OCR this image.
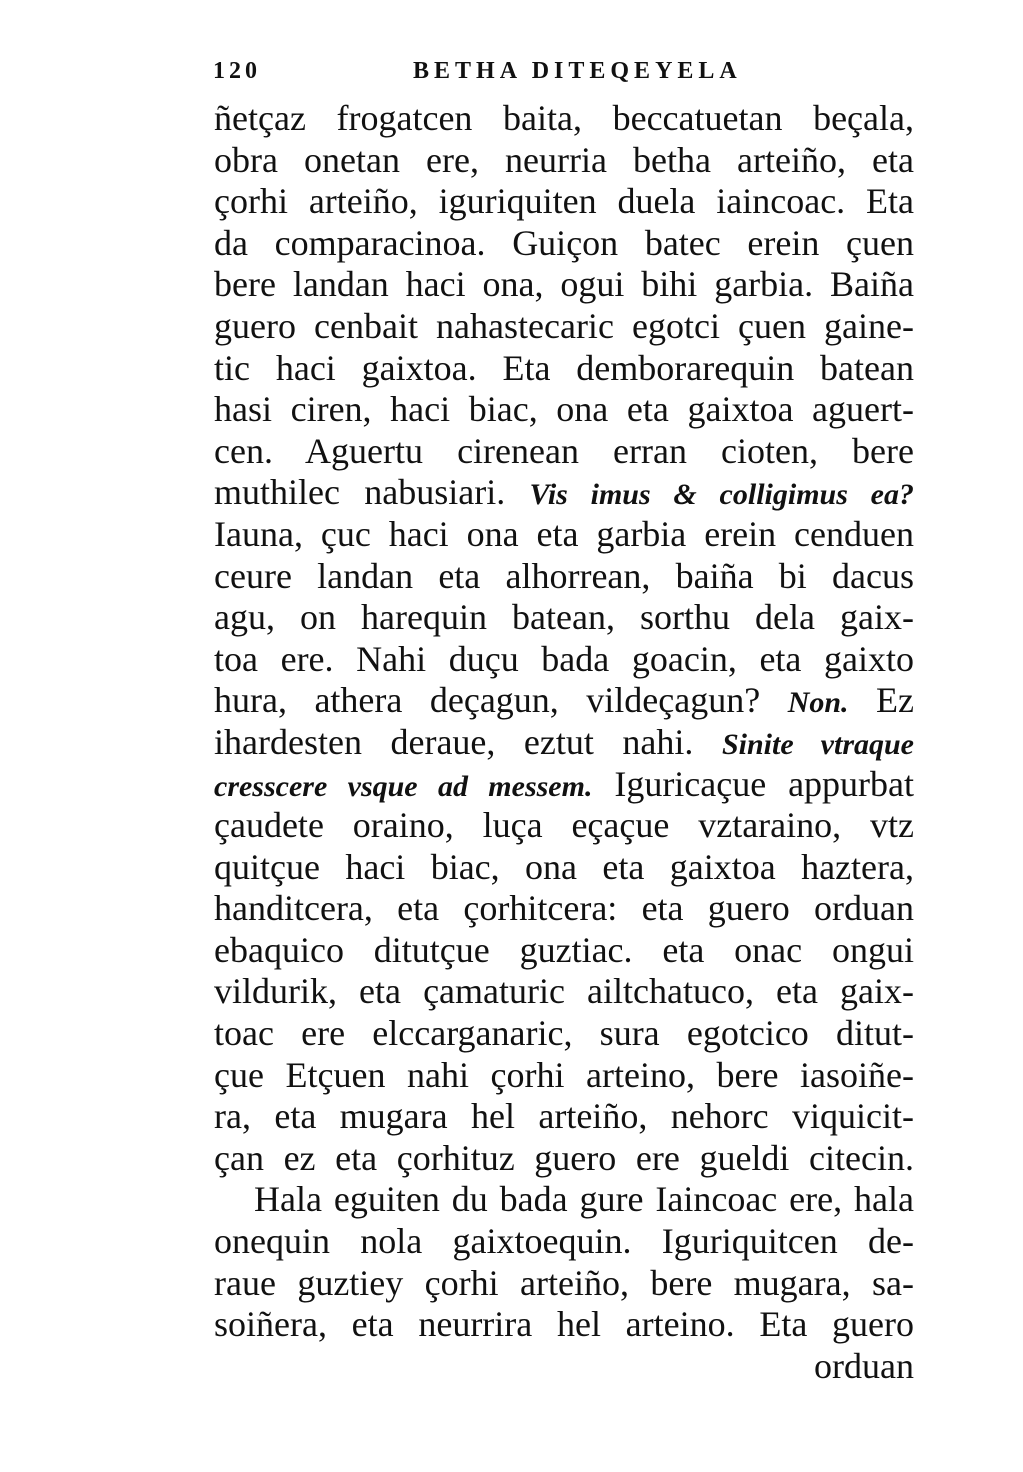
120	BETHA DITEQEYELA
ñetçaz frogatcen baita, beccatuetan beçala,
obra onetan ere, neurria betha arteiño, eta
çorhi arteiño, iguriquiten duela iaincoac. Eta
da comparacinoa. Guiçon batec erein çuen
bere landan haci ona, ogui bihi garbia. Baiña
guero cenbait nahastecaric egotci çuen gaine-
tic haci gaixtoa. Eta demborarequin batean
hasi ciren, haci biac, ona eta gaixtoa aguert-
cen. Aguertu cirenean erran cioten, bere
muthilec nabusiari. Vis imus & colligimus ea?
Iauna, çuc haci ona eta garbia erein cenduen
ceure landan eta alhorrean, baiña bi dacus
agu, on harequin batean, sorthu dela gaix-
toa ere. Nahi duçu bada goacin, eta gaixto
hura, athera deçagun, vildeçagun? Non. Ez
ihardesten deraue, eztut nahi. Sinite vtraque
cresscere vsque ad messem. Iguricaçue appurbat
çaudete oraino, luça eçaçue vztaraino, vtz
quitçue haci biac, ona eta gaixtoa haztera,
handitcera, eta çorhitcera: eta guero orduan
ebaquico ditutçue guztiac. eta onac ongui
vildurik, eta çamaturic ailtchatuco, eta gaix-
toac ere elccarganaric, sura egotcico ditut-
çue Etçuen nahi çorhi arteino, bere iasoiñe-
ra, eta mugara hel arteiño, nehorc viquicit-
çan ez eta çorhituz guero ere gueldi citecin.
Hala eguiten du bada gure Iaincoac ere, hala
onequin nola gaixtoequin. Iguriquitcen de-
raue guztiey çorhi arteiño, bere mugara, sa-
soiñera, eta neurrira hel arteino. Eta guero
orduan
